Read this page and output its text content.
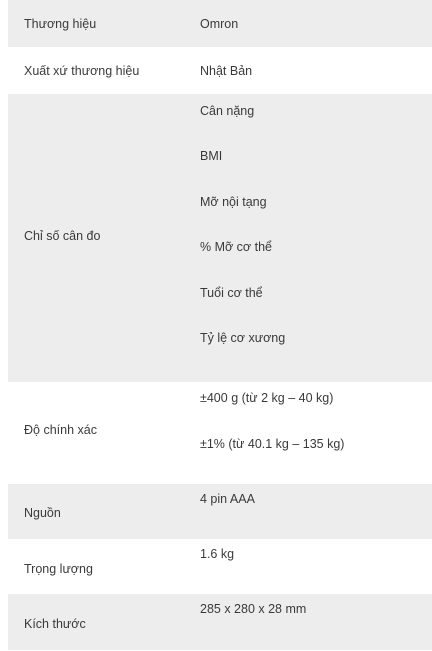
Thương hiệu	Omron
Xuất xứ thương hiệu	Nhật Bản
Chỉ số cân đo
Cân nặng
BMI
Mỡ nội tạng
% Mỡ cơ thể
Tuổi cơ thể
Tỷ lệ cơ xương
Độ chính xác
±400 g (từ 2 kg – 40 kg)
±1% (từ 40.1 kg – 135 kg)
Nguồn
4 pin AAA
Trọng lượng
1.6 kg
Kích thước
285 x 280 x 28 mm
